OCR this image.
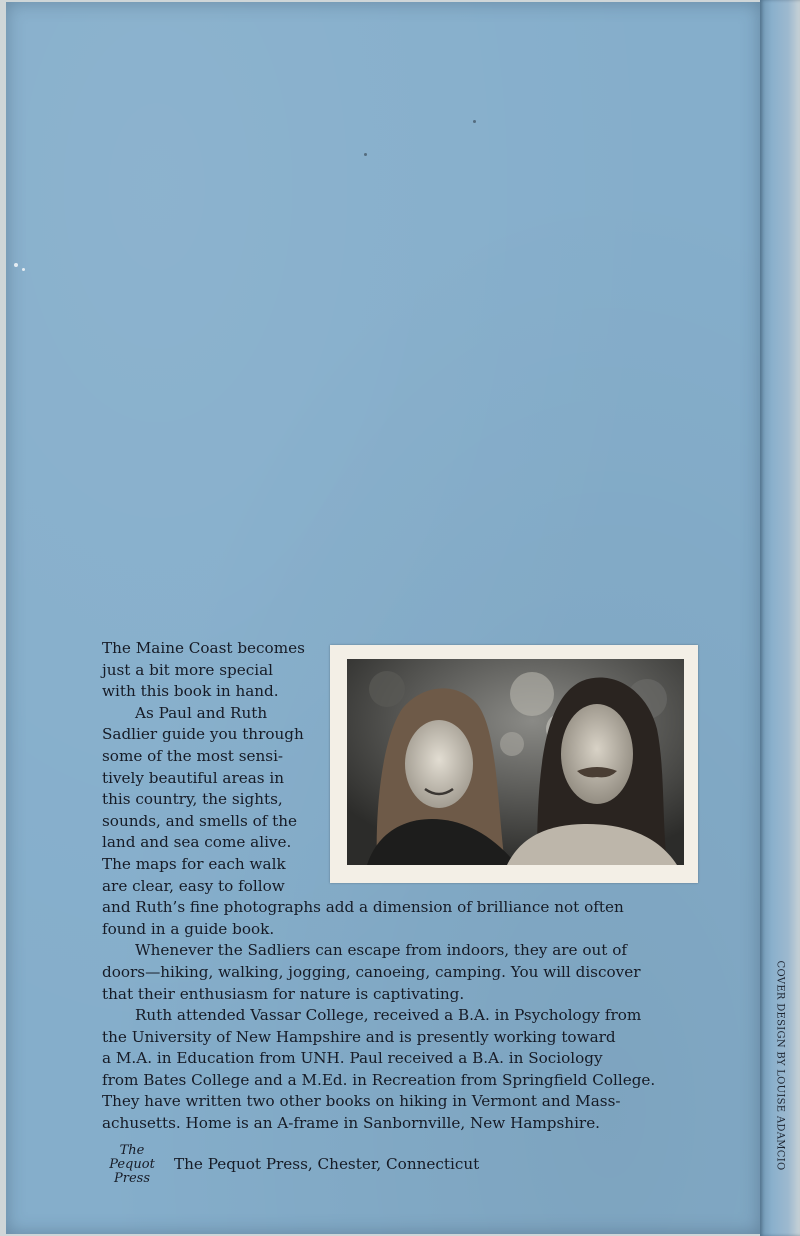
COVER DESIGN BY LOUISE ADAMCIO

The Maine Coast becomes
just a bit more special
with this book in hand.

As Paul and Ruth
Sadlier guide you through
some of the most sensi-
tively beautiful areas in
this country, the sights,
sounds, and smells of the
land and sea come alive.
The maps for each walk
are clear, easy to follow

and Ruth’s fine photographs add a dimension of brilliance not often
found in a guide book.

Whenever the Sadliers can escape from indoors, they are out of
doors—hiking, walking, jogging, canoeing, camping. You will discover
that their enthusiasm for nature is captivating.

Ruth attended Vassar College, received a B.A. in Psychology from
the University of New Hampshire and is presently working toward
a M.A. in Education from UNH. Paul received a B.A. in Sociology
from Bates College and a M.Ed. in Recreation from Springfield College.
They have written two other books on hiking in Vermont and Mass-
achusetts. Home is an A-frame in Sanbornville, New Hampshire.

The
Pequot
Press
The Pequot Press, Chester, Connecticut
